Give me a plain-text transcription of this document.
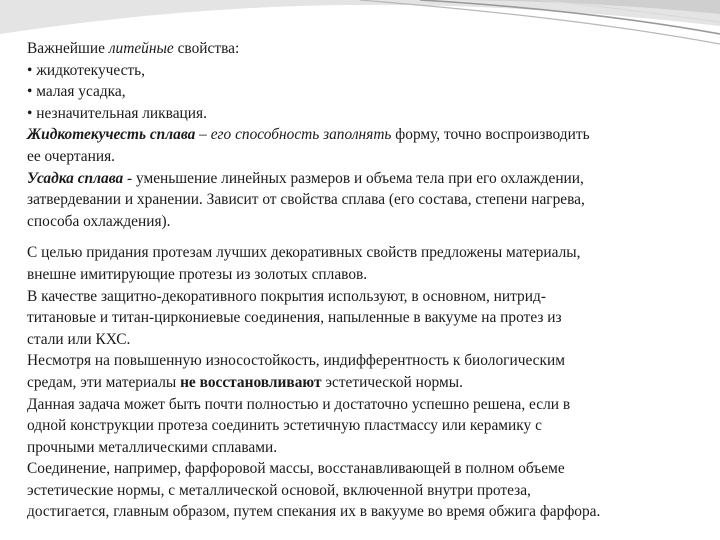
Важнейшие литейные свойства:
• жидкотекучесть,
• малая усадка,
• незначительная ликвация.
Жидкотекучесть сплава – его способность заполнять форму, точно воспроизводить
ее очертания.
Усадка сплава - уменьшение линейных размеров и объема тела при его охлаждении,
затвердевании и хранении. Зависит от свойства сплава (его состава, степени нагрева,
способа охлаждения).
С целью придания протезам лучших декоративных свойств предложены материалы,
внешне имитирующие протезы из золотых сплавов.
В качестве защитно-декоративного покрытия используют, в основном, нитрид-
титановые и титан-циркониевые соединения, напыленные в вакууме на протез из
стали или КХС.
Несмотря на повышенную износостойкость, индифферентность к биологическим
средам, эти материалы не восстановливают эстетической нормы.
Данная задача может быть почти полностью и достаточно успешно решена, если в
одной конструкции протеза соединить эстетичную пластмассу или керамику с
прочными металлическими сплавами.
Соединение, например, фарфоровой массы, восстанавливающей в полном объеме
эстетические нормы, с металлической основой, включенной внутри протеза,
достигается, главным образом, путем спекания их в вакууме во время обжига фарфора.
